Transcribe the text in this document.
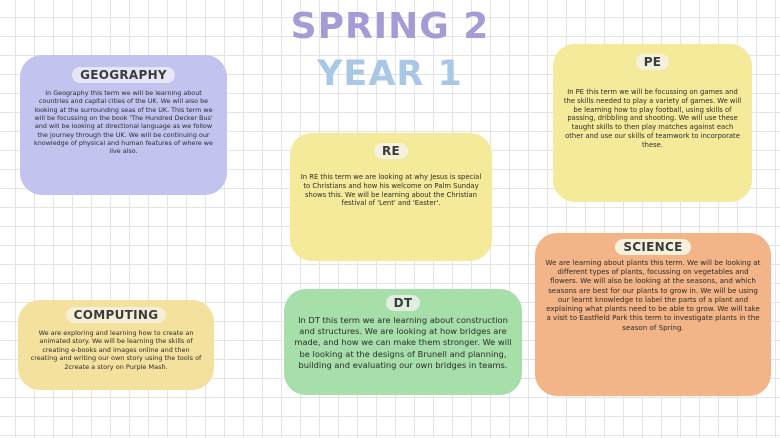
SPRING 2
YEAR 1
GEOGRAPHY
In Geography this term we will be learning about countries and capital cities of the UK. We will also be looking at the surrounding seas of the UK. This term we will be focussing on the book 'The Hundred Decker Bus' and will be looking at directional language as we follow the journey through the UK. We will be continuing our knowledge of physical and human features of where we live also.
PE
In PE this term we will be focussing on games and the skills needed to play a variety of games. We will be learning how to play football, using skills of passing, dribbling and shooting. We will use these taught skills to then play matches against each other and use our skills of teamwork to incorporate these.
RE
In RE this term we are looking at why Jesus is special to Christians and how his welcome on Palm Sunday shows this. We will be learning about the Christian festival of 'Lent' and 'Easter'.
SCIENCE
We are learning about plants this term. We will be looking at different types of plants, focussing on vegetables and flowers. We will also be looking at the seasons, and which seasons are best for our plants to grow in. We will be using our learnt knowledge to label the parts of a plant and explaining what plants need to be able to grow. We will take a visit to Eastfield Park this term to investigate plants in the season of Spring.
COMPUTING
We are exploring and learning how to create an animated story. We will be learning the skills of creating e-books and images online and then creating and writing our own story using the tools of 2create a story on Purple Mash.
DT
In DT this term we are learning about construction and structures. We are looking at how bridges are made, and how we can make them stronger. We will be looking at the designs of Brunell and planning, building and evaluating our own bridges in teams.
